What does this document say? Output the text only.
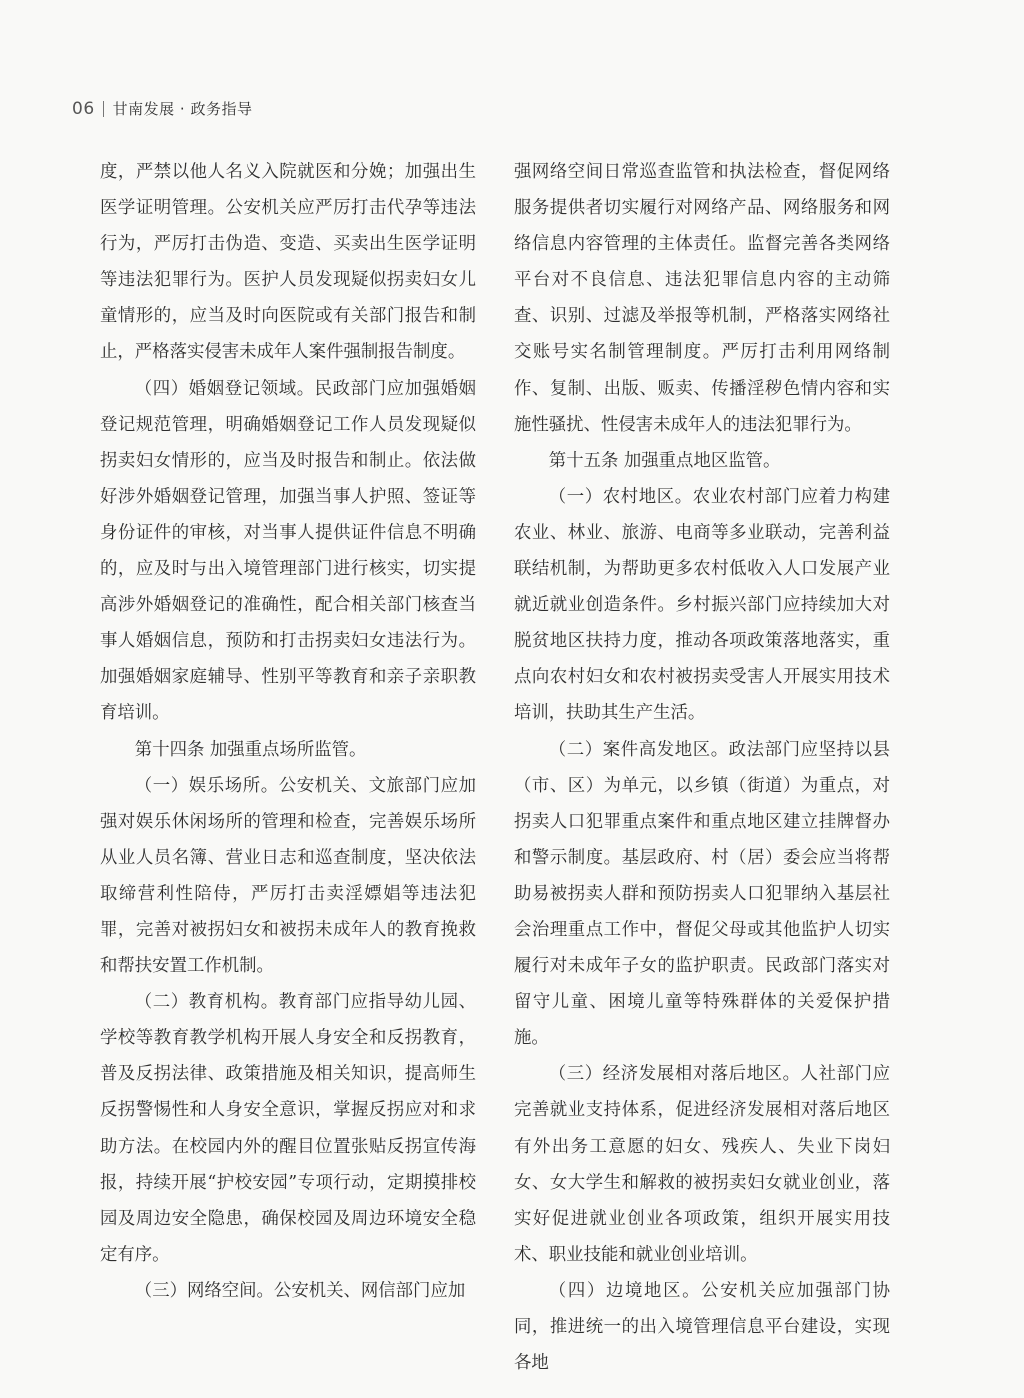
06 甘南发展 · 政务指导

度，严禁以他人名义入院就医和分娩；加强出生医学证明管理。公安机关应严厉打击代孕等违法行为，严厉打击伪造、变造、买卖出生医学证明等违法犯罪行为。医护人员发现疑似拐卖妇女儿童情形的，应当及时向医院或有关部门报告和制止，严格落实侵害未成年人案件强制报告制度。

（四）婚姻登记领域。民政部门应加强婚姻登记规范管理，明确婚姻登记工作人员发现疑似拐卖妇女情形的，应当及时报告和制止。依法做好涉外婚姻登记管理，加强当事人护照、签证等身份证件的审核，对当事人提供证件信息不明确的，应及时与出入境管理部门进行核实，切实提高涉外婚姻登记的准确性，配合相关部门核查当事人婚姻信息，预防和打击拐卖妇女违法行为。加强婚姻家庭辅导、性别平等教育和亲子亲职教育培训。

第十四条 加强重点场所监管。

（一）娱乐场所。公安机关、文旅部门应加强对娱乐休闲场所的管理和检查，完善娱乐场所从业人员名簿、营业日志和巡查制度，坚决依法取缔营利性陪侍，严厉打击卖淫嫖娼等违法犯罪，完善对被拐妇女和被拐未成年人的教育挽救和帮扶安置工作机制。

（二）教育机构。教育部门应指导幼儿园、学校等教育教学机构开展人身安全和反拐教育，普及反拐法律、政策措施及相关知识，提高师生反拐警惕性和人身安全意识，掌握反拐应对和求助方法。在校园内外的醒目位置张贴反拐宣传海报，持续开展“护校安园”专项行动，定期摸排校园及周边安全隐患，确保校园及周边环境安全稳定有序。

（三）网络空间。公安机关、网信部门应加

强网络空间日常巡查监管和执法检查，督促网络服务提供者切实履行对网络产品、网络服务和网络信息内容管理的主体责任。监督完善各类网络平台对不良信息、违法犯罪信息内容的主动筛查、识别、过滤及举报等机制，严格落实网络社交账号实名制管理制度。严厉打击利用网络制作、复制、出版、贩卖、传播淫秽色情内容和实施性骚扰、性侵害未成年人的违法犯罪行为。

第十五条 加强重点地区监管。

（一）农村地区。农业农村部门应着力构建农业、林业、旅游、电商等多业联动，完善利益联结机制，为帮助更多农村低收入人口发展产业就近就业创造条件。乡村振兴部门应持续加大对脱贫地区扶持力度，推动各项政策落地落实，重点向农村妇女和农村被拐卖受害人开展实用技术培训，扶助其生产生活。

（二）案件高发地区。政法部门应坚持以县（市、区）为单元，以乡镇（街道）为重点，对拐卖人口犯罪重点案件和重点地区建立挂牌督办和警示制度。基层政府、村（居）委会应当将帮助易被拐卖人群和预防拐卖人口犯罪纳入基层社会治理重点工作中，督促父母或其他监护人切实履行对未成年子女的监护职责。民政部门落实对留守儿童、困境儿童等特殊群体的关爱保护措施。

（三）经济发展相对落后地区。人社部门应完善就业支持体系，促进经济发展相对落后地区有外出务工意愿的妇女、残疾人、失业下岗妇女、女大学生和解救的被拐卖妇女就业创业，落实好促进就业创业各项政策，组织开展实用技术、职业技能和就业创业培训。

（四）边境地区。公安机关应加强部门协同，推进统一的出入境管理信息平台建设，实现各地
